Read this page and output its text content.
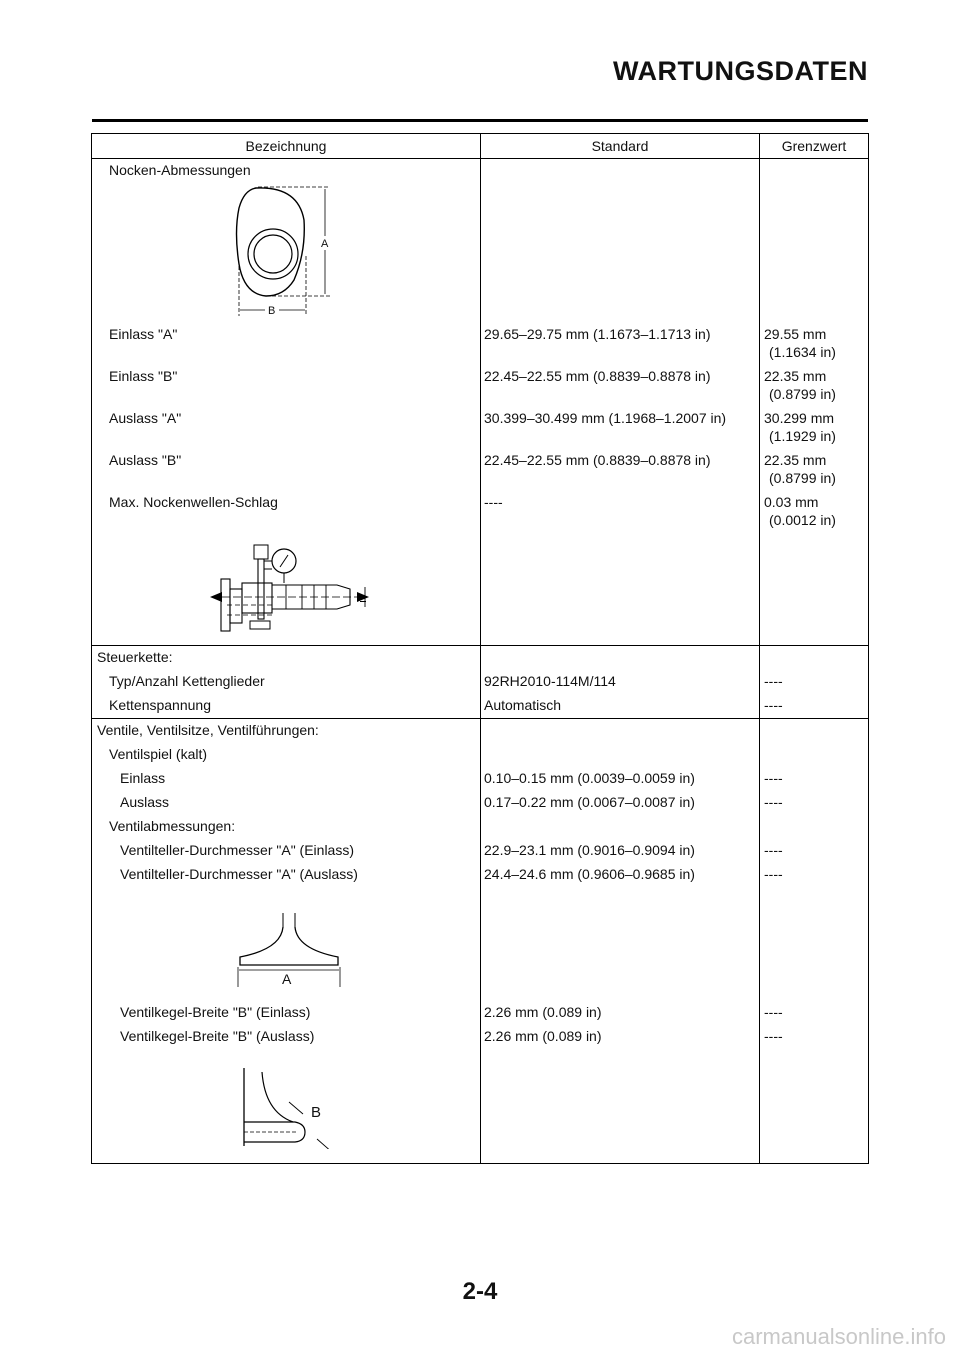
WARTUNGSDATEN
Bezeichnung	Standard	Grenzwert
Nocken-Abmessungen
A
B
Einlass "A"	29.65–29.75 mm (1.1673–1.1713 in)	29.55 mm
(1.1634 in)
Einlass "B"	22.45–22.55 mm (0.8839–0.8878 in)	22.35 mm
(0.8799 in)
Auslass "A"	30.399–30.499 mm (1.1968–1.2007 in)	30.299 mm
(1.1929 in)
Auslass "B"	22.45–22.55 mm (0.8839–0.8878 in)	22.35 mm
(0.8799 in)
Max. Nockenwellen-Schlag	----	0.03 mm
(0.0012 in)
Steuerkette:
Typ/Anzahl Kettenglieder	92RH2010-114M/114	----
Kettenspannung	Automatisch	----
Ventile, Ventilsitze, Ventilführungen:
Ventilspiel (kalt)
Einlass	0.10–0.15 mm (0.0039–0.0059 in)	----
Auslass	0.17–0.22 mm (0.0067–0.0087 in)	----
Ventilabmessungen:
Ventilteller-Durchmesser "A" (Einlass)	22.9–23.1 mm (0.9016–0.9094 in)	----
Ventilteller-Durchmesser "A" (Auslass)	24.4–24.6 mm (0.9606–0.9685 in)	----
A
Ventilkegel-Breite "B" (Einlass)	2.26 mm (0.089 in)	----
Ventilkegel-Breite "B" (Auslass)	2.26 mm (0.089 in)	----
B
2-4
carmanualsonline.info
